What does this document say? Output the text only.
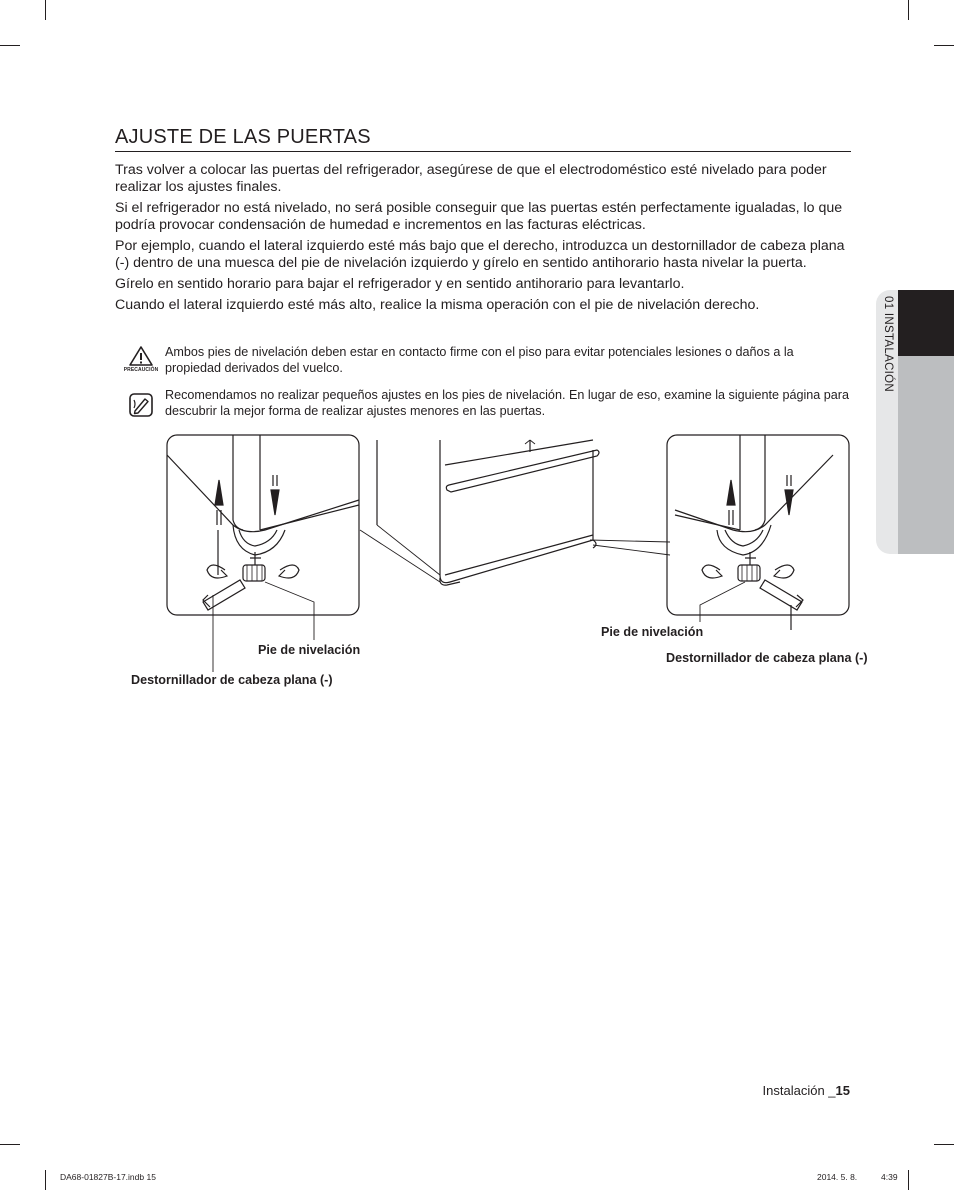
AJUSTE DE LAS PUERTAS

Tras volver a colocar las puertas del refrigerador, asegúrese de que el electrodoméstico esté nivelado para poder realizar los ajustes finales.

Si el refrigerador no está nivelado, no será posible conseguir que las puertas estén perfectamente igualadas, lo que podría provocar condensación de humedad e incrementos en las facturas eléctricas.

Por ejemplo, cuando el lateral izquierdo esté más bajo que el derecho, introduzca un destornillador de cabeza plana (-) dentro de una muesca del pie de nivelación izquierdo y gírelo en sentido antihorario hasta nivelar la puerta.

Gírelo en sentido horario para bajar el refrigerador y en sentido antihorario para levantarlo.

Cuando el lateral izquierdo esté más alto, realice la misma operación con el pie de nivelación derecho.

PRECAUCIÓN
Ambos pies de nivelación deben estar en contacto firme con el piso para evitar potenciales lesiones o daños a la propiedad derivados del vuelco.
Recomendamos no realizar pequeños ajustes en los pies de nivelación. En lugar de eso, examine la siguiente página para descubrir la mejor forma de realizar ajustes menores en las puertas.
Pie de nivelación
Destornillador de cabeza plana (-)
Pie de nivelación
Destornillador de cabeza plana (-)
01 INSTALACIÓN
Instalación _15
DA68-01827B-17.indb 15	2014. 5. 8.	4:39
